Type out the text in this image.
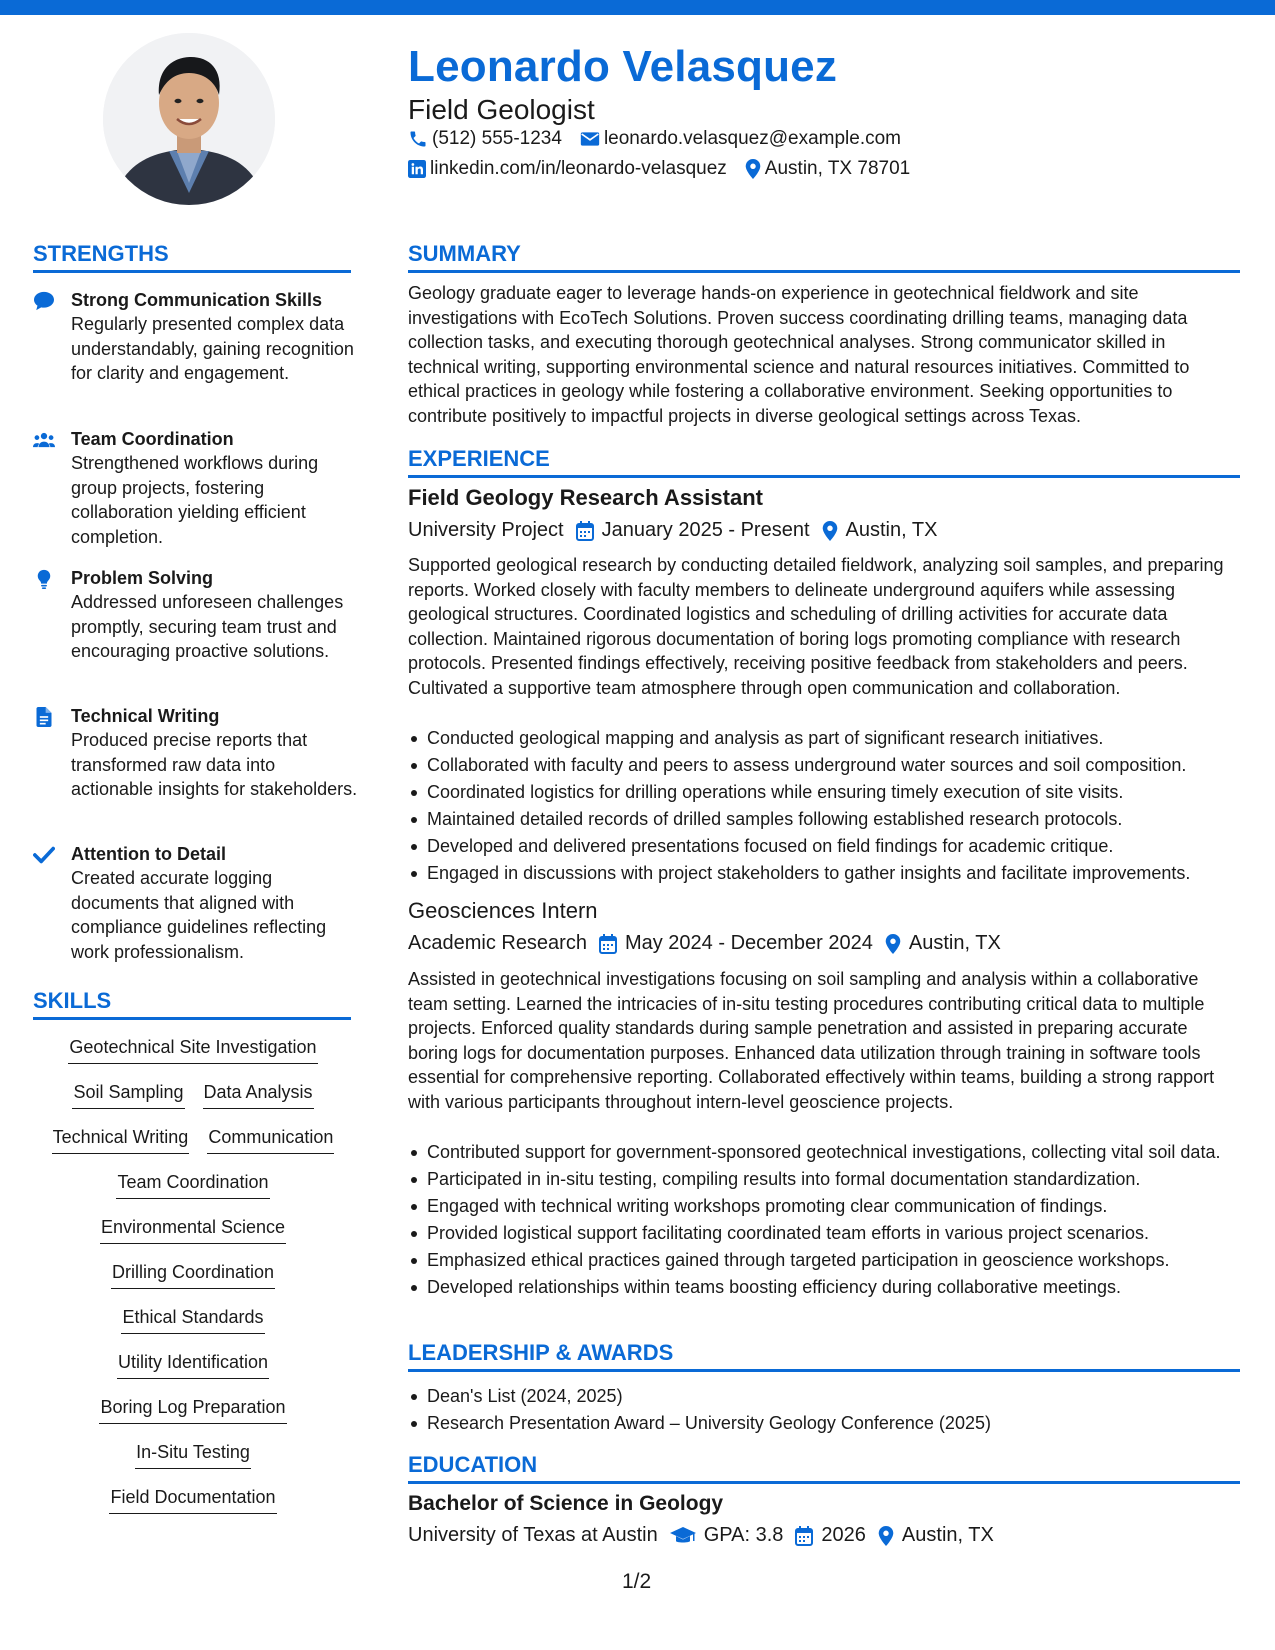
Leonardo Velasquez
Field Geologist
(512) 555-1234 leonardo.velasquez@example.com
linkedin.com/in/leonardo-velasquez Austin, TX 78701
STRENGTHS
Strong Communication Skills
Regularly presented complex data understandably, gaining recognition for clarity and engagement.
Team Coordination
Strengthened workflows during group projects, fostering collaboration yielding efficient completion.
Problem Solving
Addressed unforeseen challenges promptly, securing team trust and encouraging proactive solutions.
Technical Writing
Produced precise reports that transformed raw data into actionable insights for stakeholders.
Attention to Detail
Created accurate logging documents that aligned with compliance guidelines reflecting work professionalism.
SKILLS
Geotechnical Site Investigation
Soil Sampling Data Analysis
Technical Writing Communication
Team Coordination
Environmental Science
Drilling Coordination
Ethical Standards
Utility Identification
Boring Log Preparation
In-Situ Testing
Field Documentation
SUMMARY

Geology graduate eager to leverage hands-on experience in geotechnical fieldwork and site investigations with EcoTech Solutions. Proven success coordinating drilling teams, managing data collection tasks, and executing thorough geotechnical analyses. Strong communicator skilled in technical writing, supporting environmental science and natural resources initiatives. Committed to ethical practices in geology while fostering a collaborative environment. Seeking opportunities to contribute positively to impactful projects in diverse geological settings across Texas.

EXPERIENCE
Field Geology Research Assistant
University Project January 2025 - Present Austin, TX

Supported geological research by conducting detailed fieldwork, analyzing soil samples, and preparing reports. Worked closely with faculty members to delineate underground aquifers while assessing geological structures. Coordinated logistics and scheduling of drilling activities for accurate data collection. Maintained rigorous documentation of boring logs promoting compliance with research protocols. Presented findings effectively, receiving positive feedback from stakeholders and peers. Cultivated a supportive team atmosphere through open communication and collaboration.

Conducted geological mapping and analysis as part of significant research initiatives.
Collaborated with faculty and peers to assess underground water sources and soil composition.
Coordinated logistics for drilling operations while ensuring timely execution of site visits.
Maintained detailed records of drilled samples following established research protocols.
Developed and delivered presentations focused on field findings for academic critique.
Engaged in discussions with project stakeholders to gather insights and facilitate improvements.
Geosciences Intern
Academic Research May 2024 - December 2024 Austin, TX

Assisted in geotechnical investigations focusing on soil sampling and analysis within a collaborative team setting. Learned the intricacies of in-situ testing procedures contributing critical data to multiple projects. Enforced quality standards during sample penetration and assisted in preparing accurate boring logs for documentation purposes. Enhanced data utilization through training in software tools essential for comprehensive reporting. Collaborated effectively within teams, building a strong rapport with various participants throughout intern-level geoscience projects.

Contributed support for government-sponsored geotechnical investigations, collecting vital soil data.
Participated in in-situ testing, compiling results into formal documentation standardization.
Engaged with technical writing workshops promoting clear communication of findings.
Provided logistical support facilitating coordinated team efforts in various project scenarios.
Emphasized ethical practices gained through targeted participation in geoscience workshops.
Developed relationships within teams boosting efficiency during collaborative meetings.
LEADERSHIP & AWARDS
Dean's List (2024, 2025)
Research Presentation Award – University Geology Conference (2025)
EDUCATION
Bachelor of Science in Geology
University of Texas at Austin GPA: 3.8 2026 Austin, TX
1/2
